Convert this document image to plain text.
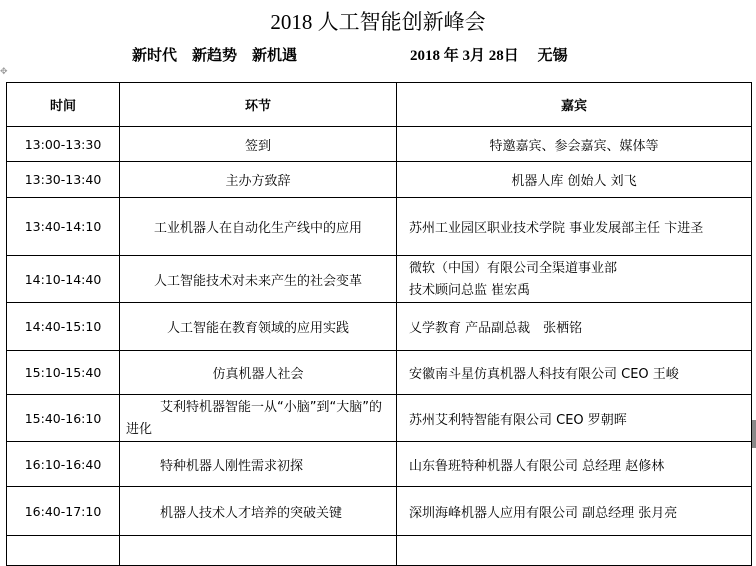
2018 人工智能创新峰会
新时代　新趋势　新机遇	2018 年 3月 28日　 无锡
✥
时间	环节	嘉宾
13:00-13:30	签到	特邀嘉宾、参会嘉宾、媒体等
13:30-13:40	主办方致辞	机器人库 创始人 刘飞
13:40-14:10	工业机器人在自动化生产线中的应用	苏州工业园区职业技术学院 事业发展部主任 卞进圣
14:10-14:40	人工智能技术对未来产生的社会变革	微软（中国）有限公司全渠道事业部
技术顾问总监 崔宏禹

14:40-15:10	人工智能在教育领域的应用实践	乂学教育 产品副总裁　张栖铭
15:10-15:40	仿真机器人社会	安徽南斗星仿真机器人科技有限公司 CEO 王峻
15:40-16:10	艾利特机器智能一从“小脑”到“大脑”的进化	苏州艾利特智能有限公司 CEO 罗朝晖
16:10-16:40	特种机器人刚性需求初探	山东鲁班特种机器人有限公司 总经理 赵修林
16:40-17:10	机器人技术人才培养的突破关键	深圳海峰机器人应用有限公司 副总经理 张月亮
